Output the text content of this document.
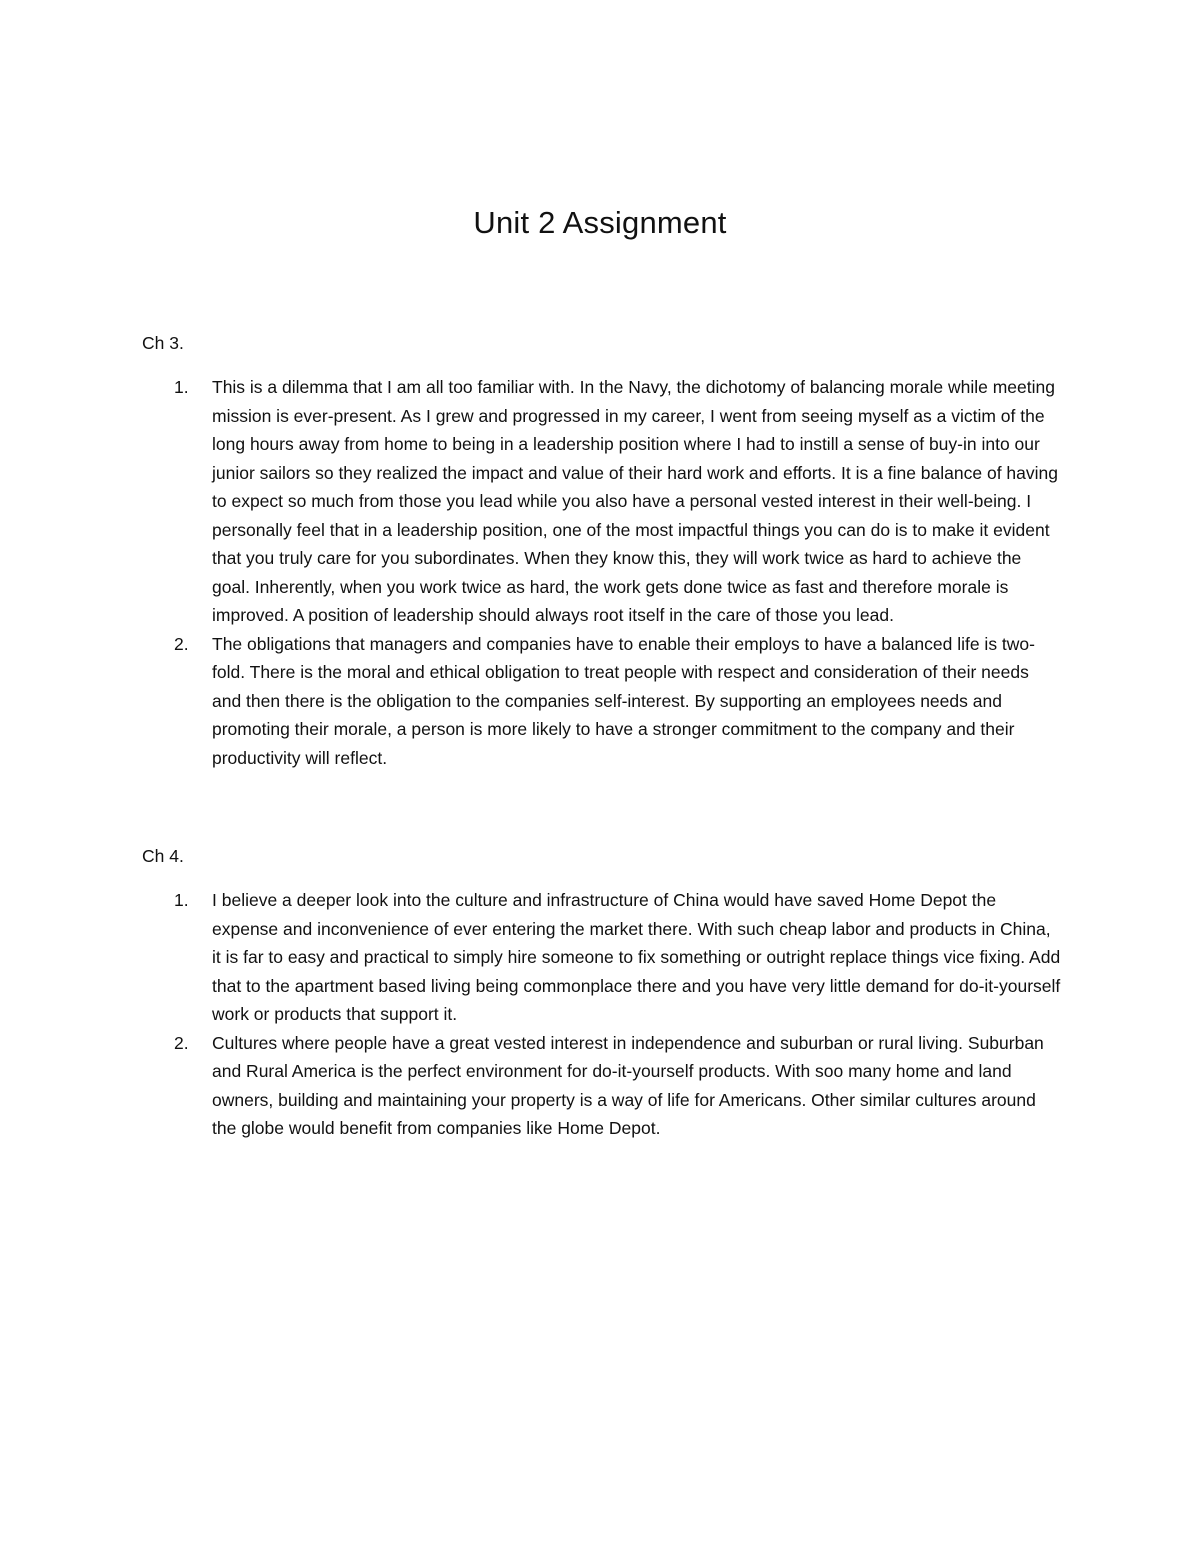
Unit 2 Assignment

Ch 3.

1. This is a dilemma that I am all too familiar with. In the Navy, the dichotomy of balancing morale while meeting mission is ever-present. As I grew and progressed in my career, I went from seeing myself as a victim of the long hours away from home to being in a leadership position where I had to instill a sense of buy-in into our junior sailors so they realized the impact and value of their hard work and efforts. It is a fine balance of having to expect so much from those you lead while you also have a personal vested interest in their well-being. I personally feel that in a leadership position, one of the most impactful things you can do is to make it evident that you truly care for you subordinates. When they know this, they will work twice as hard to achieve the goal. Inherently, when you work twice as hard, the work gets done twice as fast and therefore morale is improved. A position of leadership should always root itself in the care of those you lead.
2. The obligations that managers and companies have to enable their employs to have a balanced life is two-fold. There is the moral and ethical obligation to treat people with respect and consideration of their needs and then there is the obligation to the companies self-interest. By supporting an employees needs and promoting their morale, a person is more likely to have a stronger commitment to the company and their productivity will reflect.

Ch 4.

1. I believe a deeper look into the culture and infrastructure of China would have saved Home Depot the expense and inconvenience of ever entering the market there. With such cheap labor and products in China, it is far to easy and practical to simply hire someone to fix something or outright replace things vice fixing. Add that to the apartment based living being commonplace there and you have very little demand for do-it-yourself work or products that support it.
2. Cultures where people have a great vested interest in independence and suburban or rural living. Suburban and Rural America is the perfect environment for do-it-yourself products. With soo many home and land owners, building and maintaining your property is a way of life for Americans. Other similar cultures around the globe would benefit from companies like Home Depot.
